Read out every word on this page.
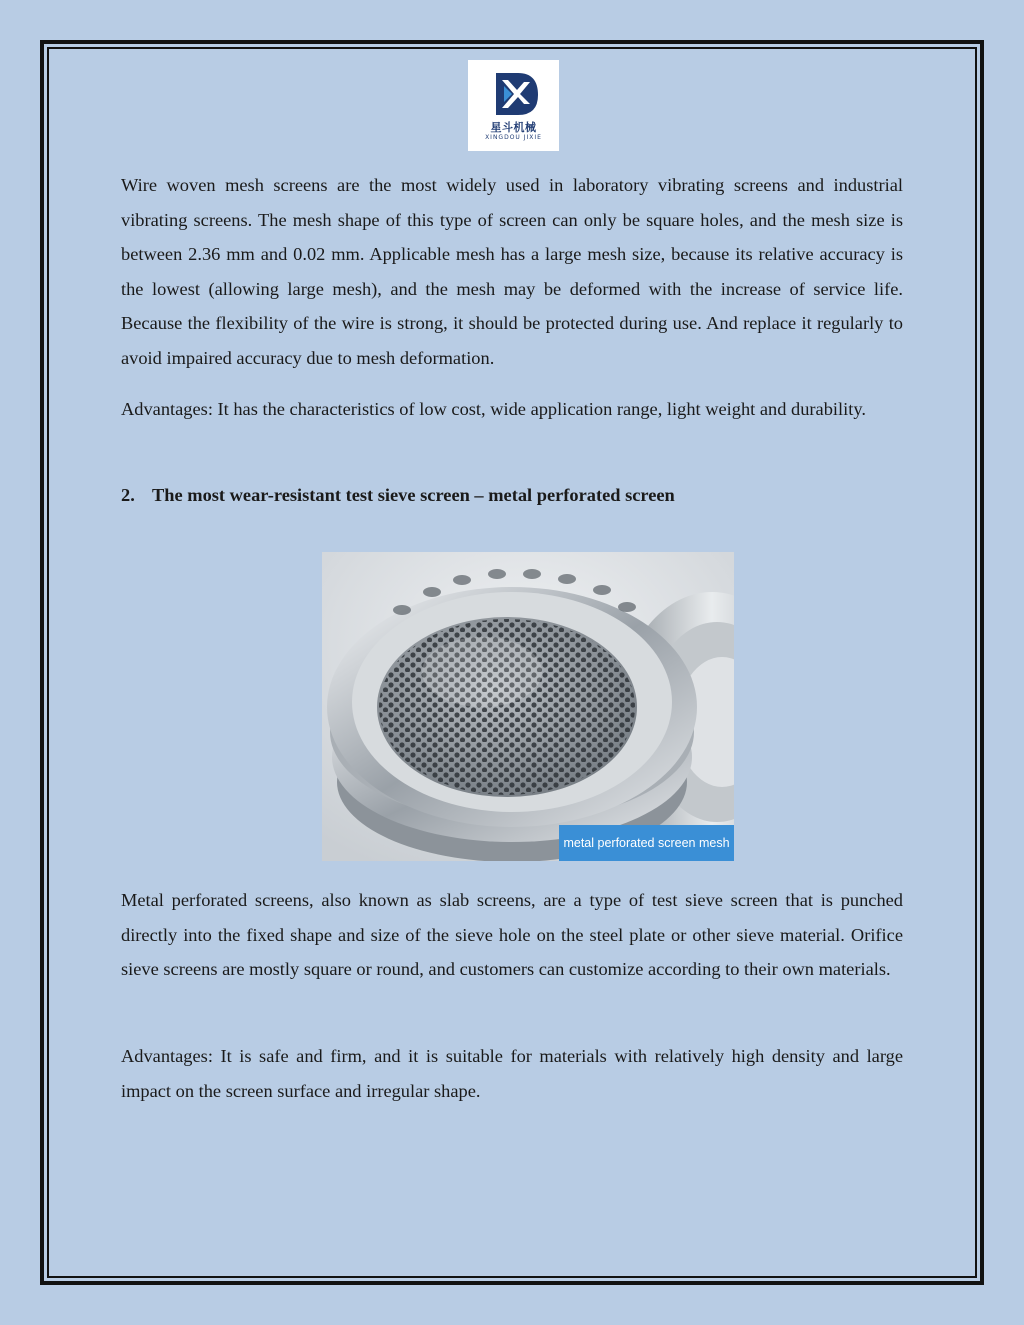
星斗机械
XINGDOU JIXIE

Wire woven mesh screens are the most widely used in laboratory vibrating screens and industrial vibrating screens. The mesh shape of this type of screen can only be square holes, and the mesh size is between 2.36 mm and 0.02 mm. Applicable mesh has a large mesh size, because its relative accuracy is the lowest (allowing large mesh), and the mesh may be deformed with the increase of service life. Because the flexibility of the wire is strong, it should be protected during use. And replace it regularly to avoid impaired accuracy due to mesh deformation.

Advantages: It has the characteristics of low cost, wide application range, light weight and durability.

2. The most wear-resistant test sieve screen – metal perforated screen
metal perforated screen mesh

Metal perforated screens, also known as slab screens, are a type of test sieve screen that is punched directly into the fixed shape and size of the sieve hole on the steel plate or other sieve material. Orifice sieve screens are mostly square or round, and customers can customize according to their own materials.

Advantages: It is safe and firm, and it is suitable for materials with relatively high density and large impact on the screen surface and irregular shape.
